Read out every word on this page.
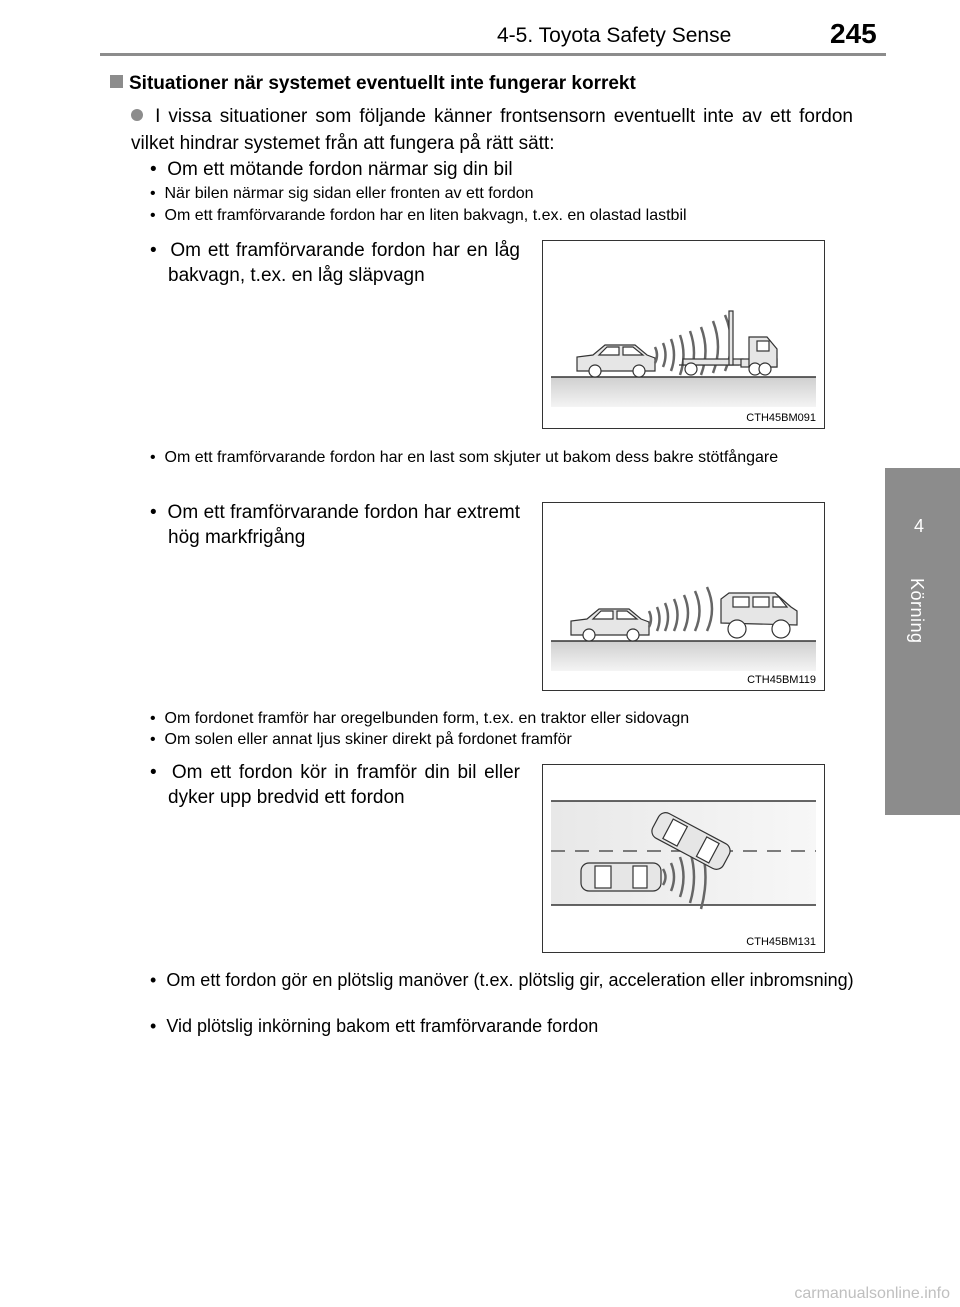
4-5. Toyota Safety Sense	245
4
Körning
Situationer när systemet eventuellt inte fungerar korrekt
I vissa situationer som följande känner frontsensorn eventuellt inte av ett fordon vilket hindrar systemet från att fungera på rätt sätt:
•  Om ett mötande fordon närmar sig din bil
•  När bilen närmar sig sidan eller fronten av ett fordon
•  Om ett framförvarande fordon har en liten bakvagn, t.ex. en olastad lastbil
•  Om ett framförvarande fordon har en låg bakvagn, t.ex. en låg släpvagn
CTH45BM091
•  Om ett framförvarande fordon har en last som skjuter ut bakom dess bakre stötfångare
•  Om ett framförvarande fordon har extremt hög markfrigång
CTH45BM119
•  Om fordonet framför har oregelbunden form, t.ex. en traktor eller sidovagn
•  Om solen eller annat ljus skiner direkt på fordonet framför
•  Om ett fordon kör in framför din bil eller dyker upp bredvid ett fordon
CTH45BM131
•  Om ett fordon gör en plötslig manöver (t.ex. plötslig gir, acceleration eller inbromsning)
•  Vid plötslig inkörning bakom ett framförvarande fordon
carmanualsonline.info
